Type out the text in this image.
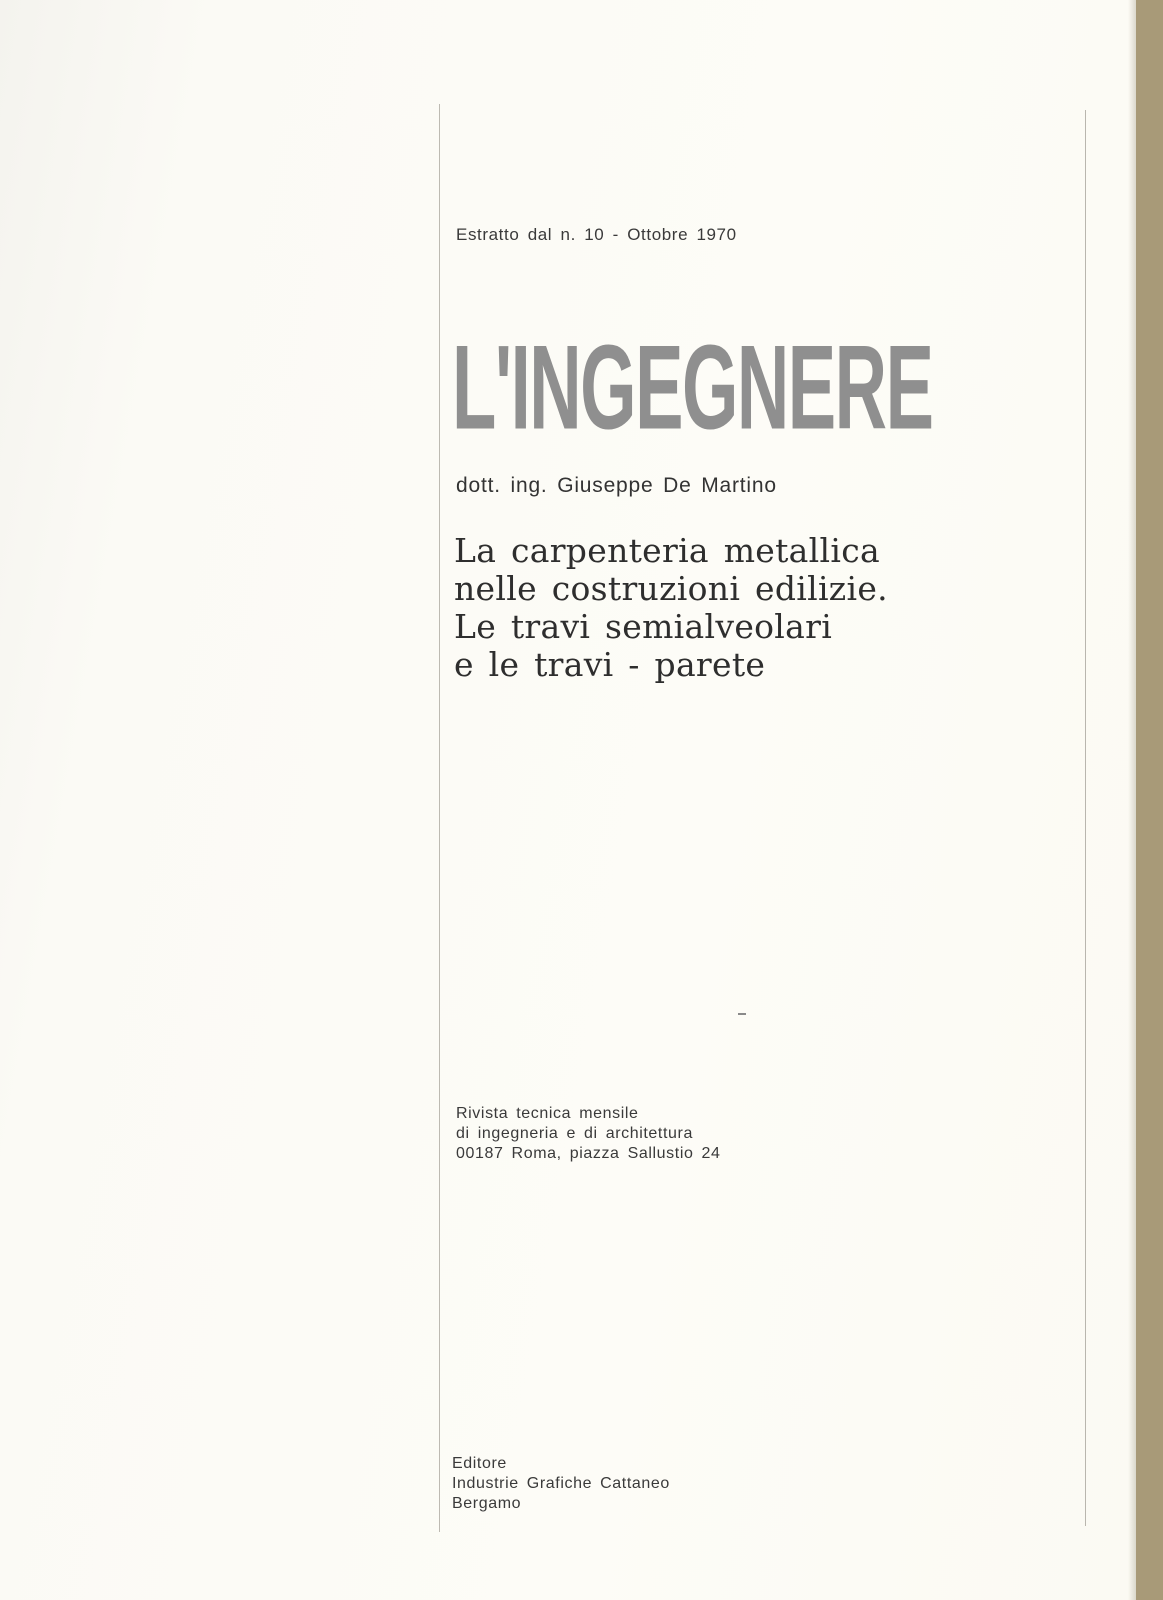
Estratto dal n. 10 - Ottobre 1970
L'INGEGNERE
dott. ing. Giuseppe De Martino
La carpenteria metallica
nelle costruzioni edilizie.
Le travi semialveolari
e le travi - parete
Rivista tecnica mensile
di ingegneria e di architettura
00187 Roma, piazza Sallustio 24
Editore
Industrie Grafiche Cattaneo
Bergamo
